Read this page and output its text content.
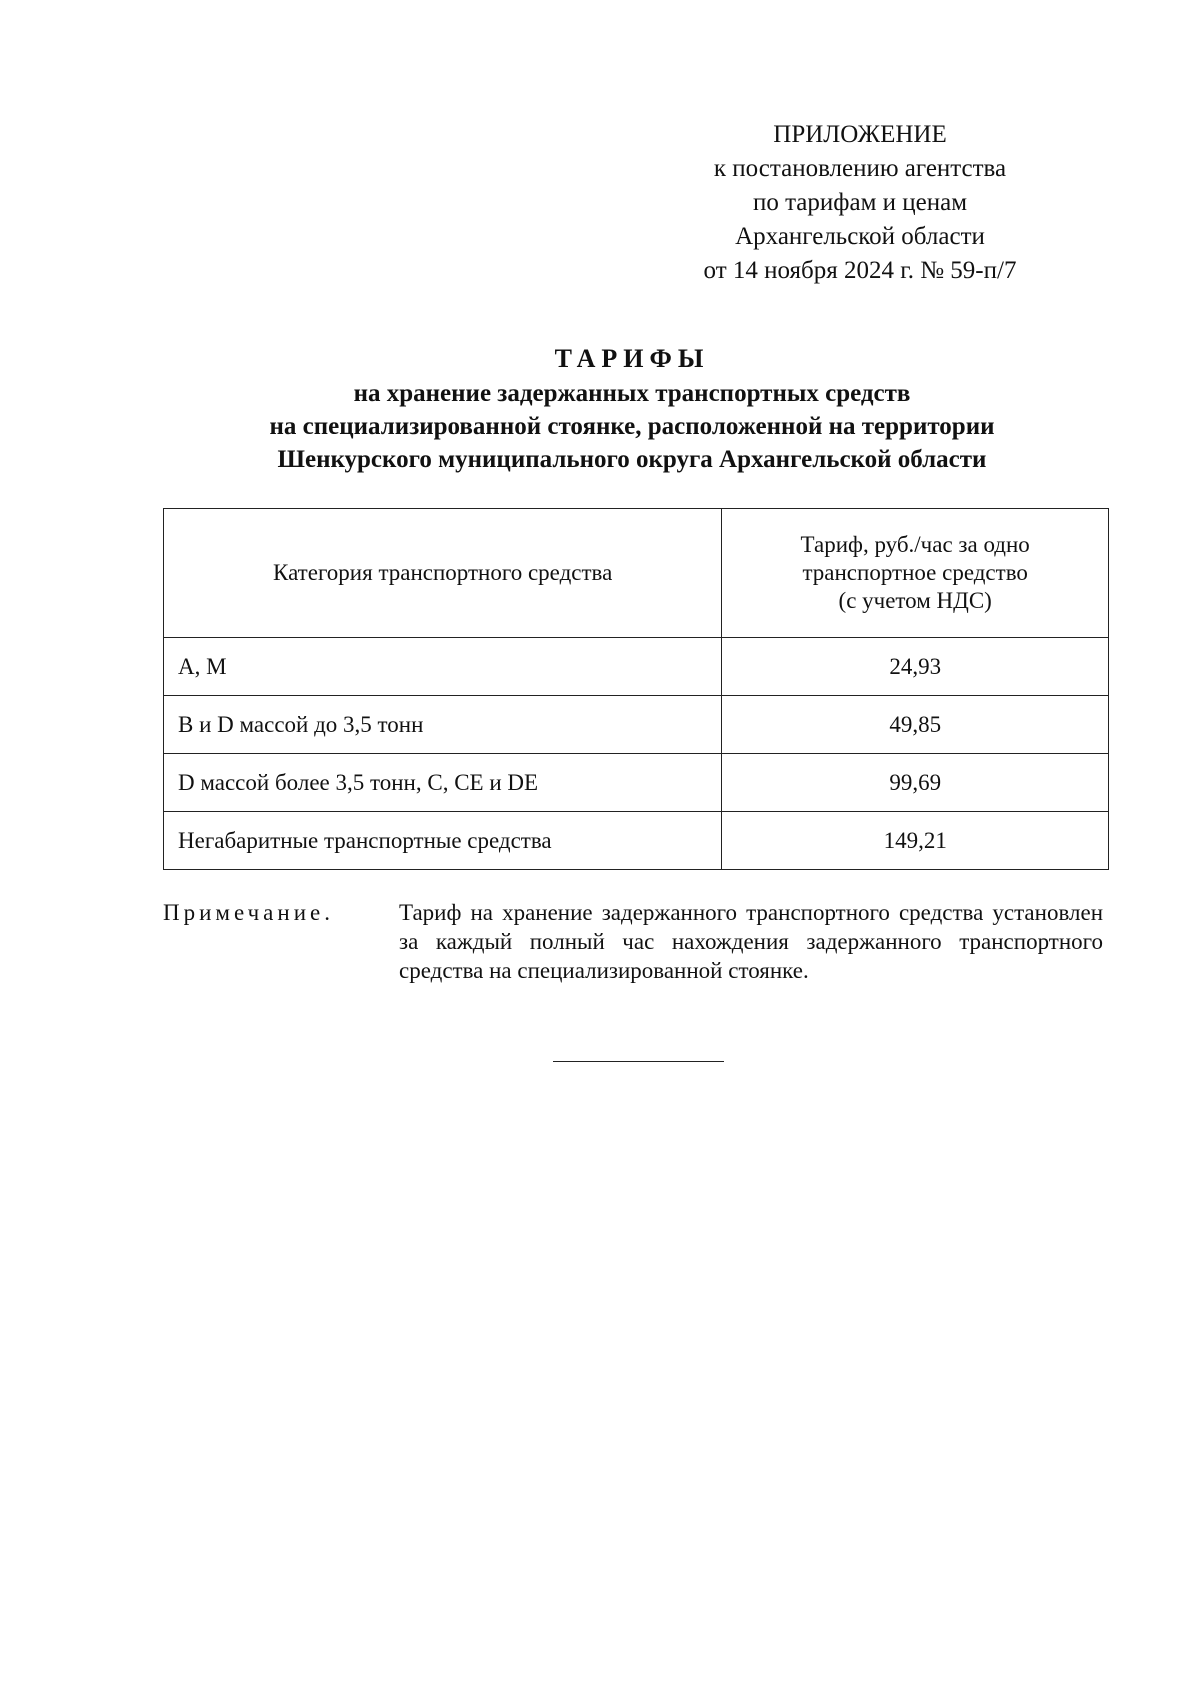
ПРИЛОЖЕНИЕ
к постановлению агентства
по тарифам и ценам
Архангельской области
от 14 ноября 2024 г. № 59-п/7
ТАРИФЫ
на хранение задержанных транспортных средств
на специализированной стоянке, расположенной на территории
Шенкурского муниципального округа Архангельской области
Категория транспортного средства	Тариф, руб./час за одно
транспортное средство
(с учетом НДС)

А, М	24,93
В и D массой до 3,5 тонн	49,85
D массой более 3,5 тонн, С, СЕ и DE	99,69
Негабаритные транспортные средства	149,21
Примечание.	Тариф на хранение задержанного транспортного средства установлен за каждый полный час нахождения задержанного транспортного средства на специализированной стоянке.
